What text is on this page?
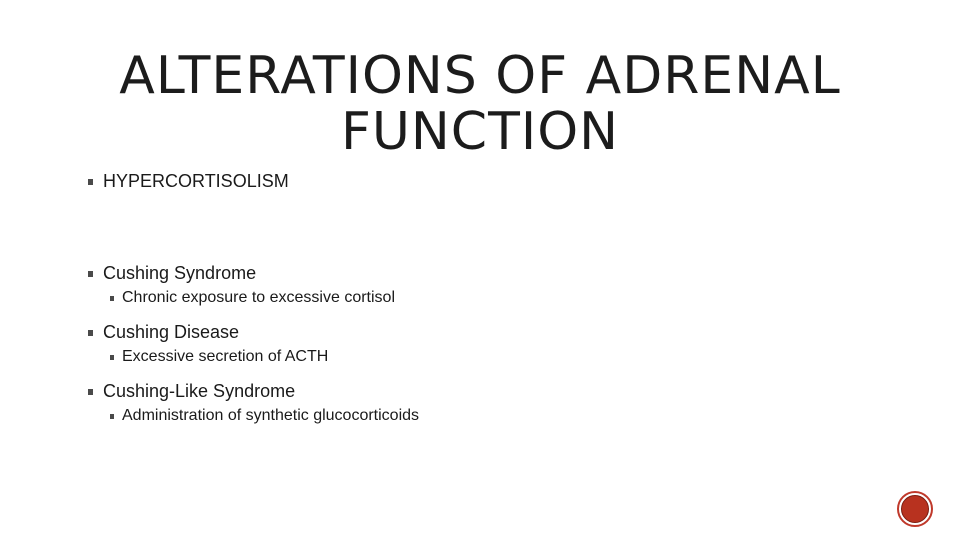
ALTERATIONS OF ADRENAL FUNCTION
HYPERCORTISOLISM
Cushing Syndrome
Chronic exposure to excessive cortisol
Cushing Disease
Excessive secretion of ACTH
Cushing-Like Syndrome
Administration of synthetic glucocorticoids
